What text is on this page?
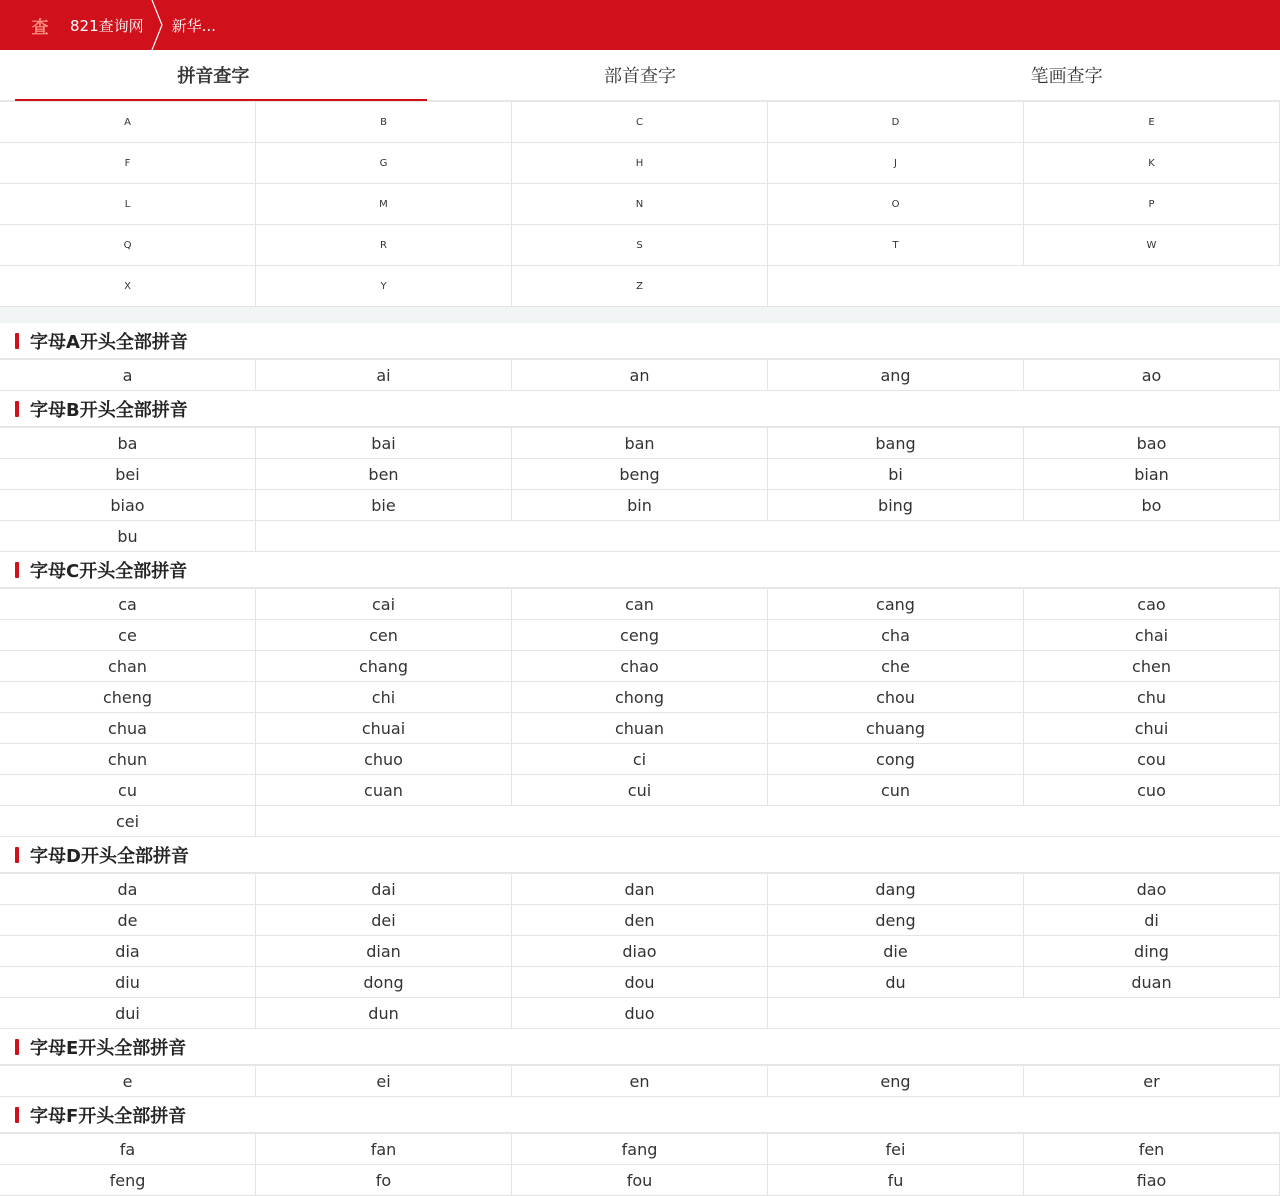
查	821查询网	新华...
拼音查字	部首查字	笔画查字
A	B	C	D	E
F	G	H	J	K
L	M	N	O	P
Q	R	S	T	W
X	Y	Z
字母A开头全部拼音
a	ai	an	ang	ao
字母B开头全部拼音
ba	bai	ban	bang	bao
bei	ben	beng	bi	bian
biao	bie	bin	bing	bo
bu
字母C开头全部拼音
ca	cai	can	cang	cao
ce	cen	ceng	cha	chai
chan	chang	chao	che	chen
cheng	chi	chong	chou	chu
chua	chuai	chuan	chuang	chui
chun	chuo	ci	cong	cou
cu	cuan	cui	cun	cuo
cei
字母D开头全部拼音
da	dai	dan	dang	dao
de	dei	den	deng	di
dia	dian	diao	die	ding
diu	dong	dou	du	duan
dui	dun	duo
字母E开头全部拼音
e	ei	en	eng	er
字母F开头全部拼音
fa	fan	fang	fei	fen
feng	fo	fou	fu	fiao
